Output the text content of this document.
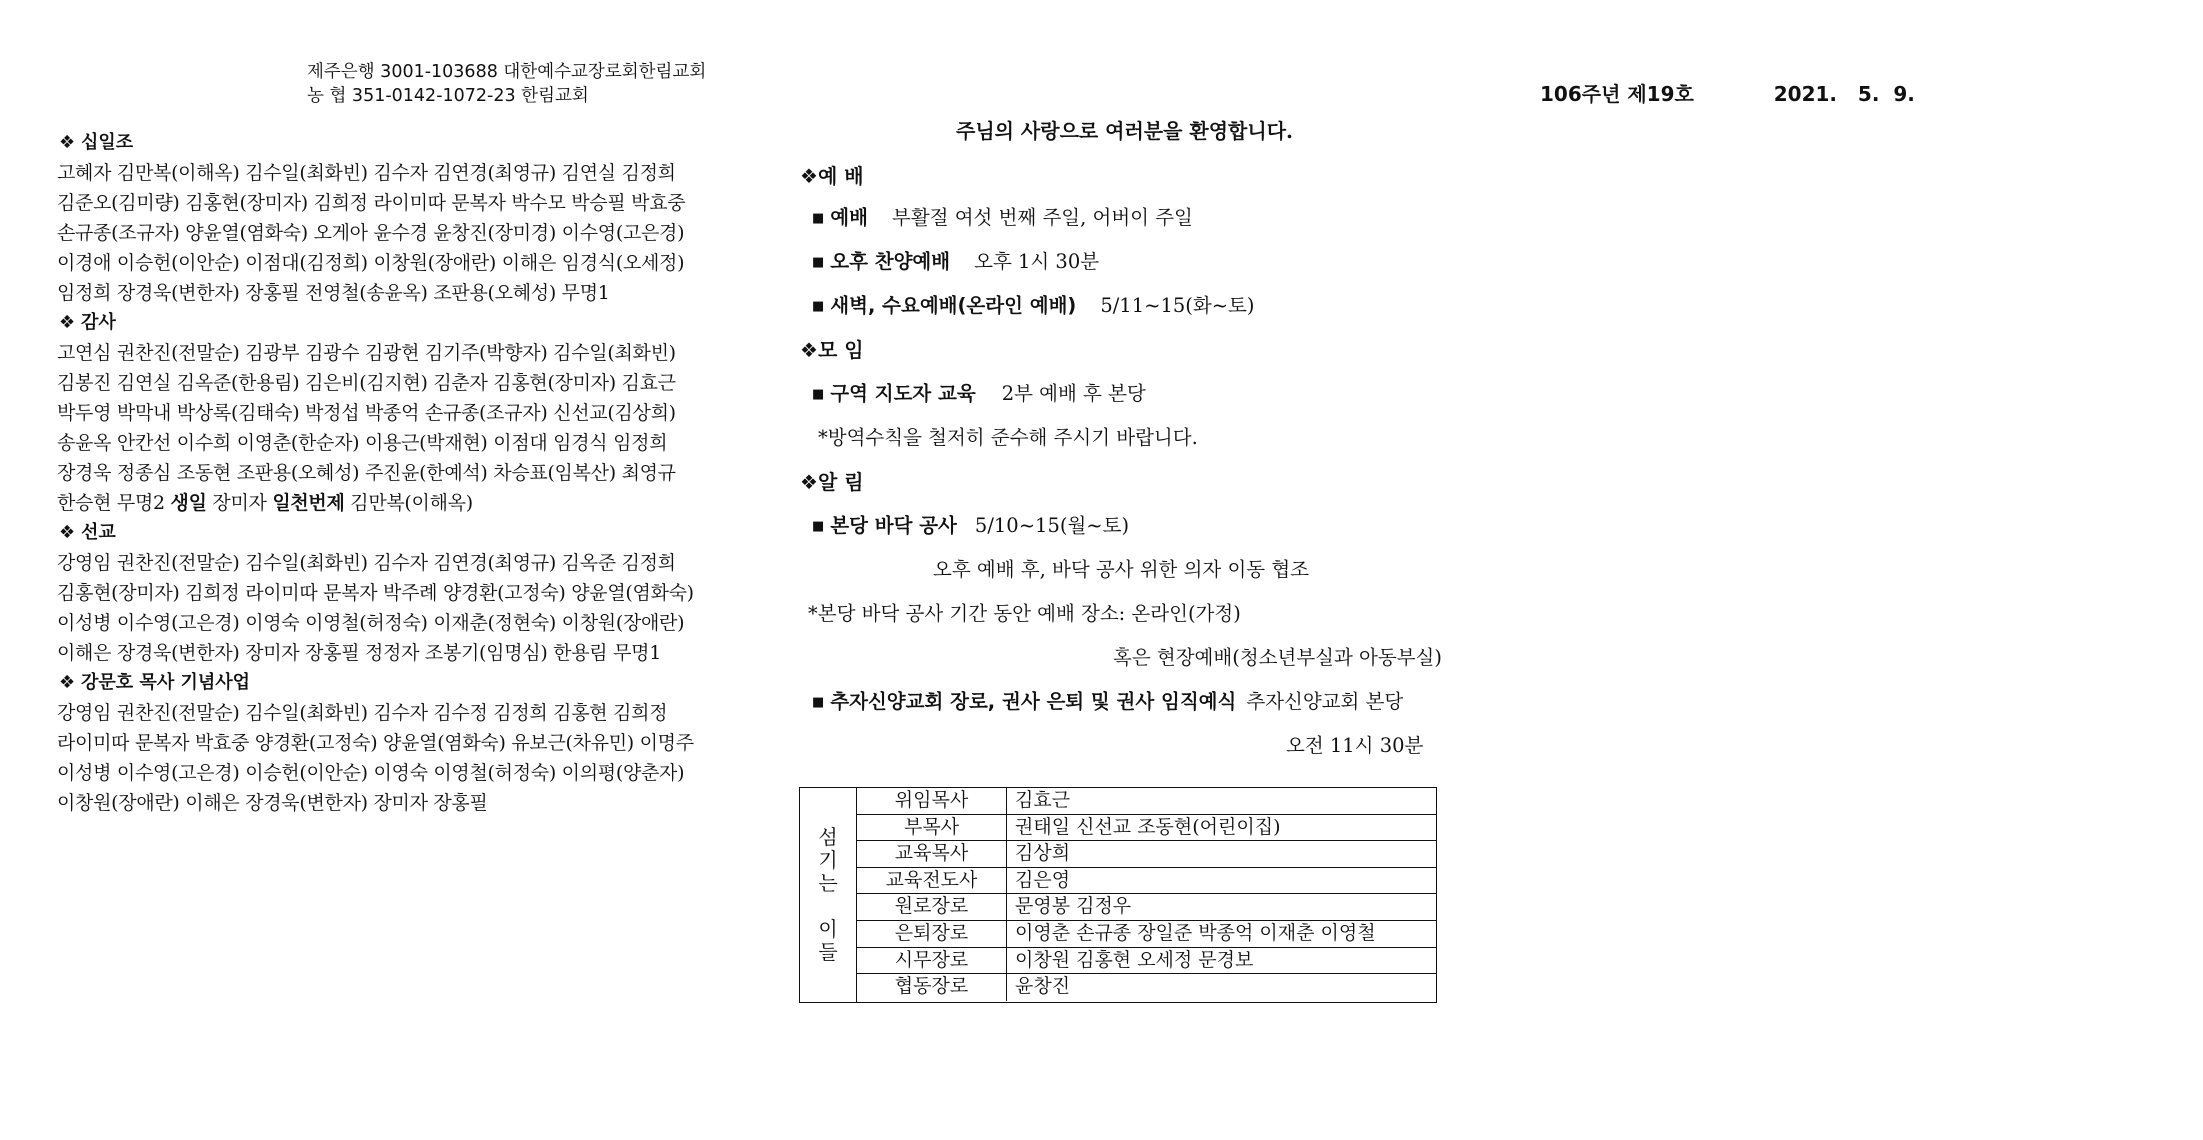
제주은행 3001-103688 대한예수교장로회한림교회
농 협 351-0142-1072-23 한림교회
❖ 십일조
고혜자 김만복(이해옥) 김수일(최화빈) 김수자 김연경(최영규) 김연실 김정희
김준오(김미량) 김홍현(장미자) 김희정 라이미따 문복자 박수모 박승필 박효중
손규종(조규자) 양윤열(염화숙) 오게아 윤수경 윤창진(장미경) 이수영(고은경)
이경애 이승헌(이안순) 이점대(김정희) 이창원(장애란) 이해은 임경식(오세정)
임정희 장경욱(변한자) 장홍필 전영철(송윤옥) 조판용(오혜성) 무명1
❖ 감사
고연심 권찬진(전말순) 김광부 김광수 김광현 김기주(박향자) 김수일(최화빈)
김봉진 김연실 김옥준(한용림) 김은비(김지현) 김춘자 김홍현(장미자) 김효근
박두영 박막내 박상록(김태숙) 박정섭 박종억 손규종(조규자) 신선교(김상희)
송윤옥 안칸선 이수희 이영춘(한순자) 이용근(박재현) 이점대 임경식 임정희
장경욱 정종심 조동현 조판용(오혜성) 주진윤(한예석) 차승표(임복산) 최영규
한승현 무명2 생일 장미자 일천번제 김만복(이해옥)
❖ 선교
강영임 권찬진(전말순) 김수일(최화빈) 김수자 김연경(최영규) 김옥준 김정희
김홍현(장미자) 김희정 라이미따 문복자 박주례 양경환(고정숙) 양윤열(염화숙)
이성병 이수영(고은경) 이영숙 이영철(허정숙) 이재춘(정현숙) 이창원(장애란)
이해은 장경욱(변한자) 장미자 장홍필 정정자 조봉기(임명심) 한용림 무명1
❖ 강문호 목사 기념사업
강영임 권찬진(전말순) 김수일(최화빈) 김수자 김수정 김정희 김홍현 김희정
라이미따 문복자 박효중 양경환(고정숙) 양윤열(염화숙) 유보근(차유민) 이명주
이성병 이수영(고은경) 이승헌(이안순) 이영숙 이영철(허정숙) 이의평(양춘자)
이창원(장애란) 이해은 장경욱(변한자) 장미자 장홍필
106주년 제19호	2021.   5.  9.
주님의 사랑으로 여러분을 환영합니다.
❖예 배
■ 예배 부활절 여섯 번째 주일, 어버이 주일
■ 오후 찬양예배 오후 1시 30분
■ 새벽, 수요예배(온라인 예배) 5/11~15(화~토)
❖모 임
■ 구역 지도자 교육 2부 예배 후 본당
*방역수칙을 철저히 준수해 주시기 바랍니다.
❖알 림
■ 본당 바닥 공사 5/10~15(월~토)
오후 예배 후, 바닥 공사 위한 의자 이동 협조
*본당 바닥 공사 기간 동안 예배 장소: 온라인(가정)
혹은 현장예배(청소년부실과 아동부실)
■ 추자신양교회 장로, 권사 은퇴 및 권사 임직예식 추자신양교회 본당
오전 11시 30분
섬
기
는
이
들
위임목사	김효근
부목사	권태일 신선교 조동현(어린이집)
교육목사	김상희
교육전도사	김은영
원로장로	문영봉 김정우
은퇴장로	이영춘 손규종 장일준 박종억 이재춘 이영철
시무장로	이창원 김홍현 오세정 문경보
협동장로	윤창진
